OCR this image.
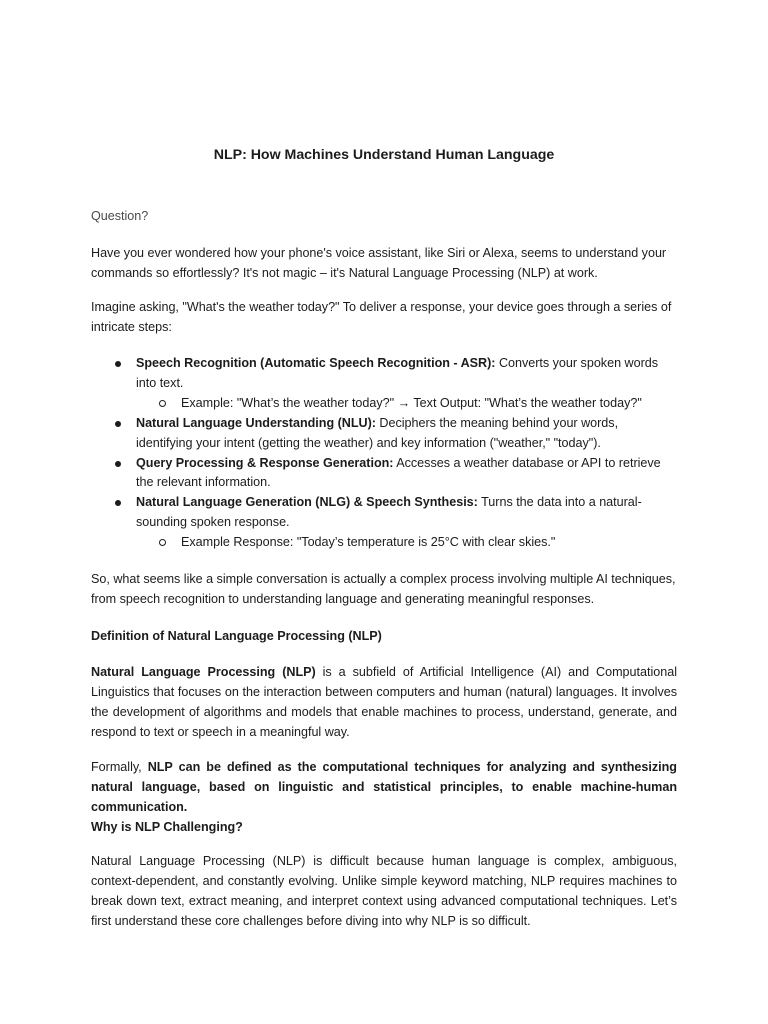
NLP: How Machines Understand Human Language

Question?

Have you ever wondered how your phone's voice assistant, like Siri or Alexa, seems to understand your commands so effortlessly? It's not magic – it's Natural Language Processing (NLP) at work.

Imagine asking, "What's the weather today?" To deliver a response, your device goes through a series of intricate steps:

Speech Recognition (Automatic Speech Recognition - ASR): Converts your spoken words into text.
Example: "What’s the weather today?" → Text Output: "What’s the weather today?"
Natural Language Understanding (NLU): Deciphers the meaning behind your words, identifying your intent (getting the weather) and key information ("weather," "today").
Query Processing & Response Generation: Accesses a weather database or API to retrieve the relevant information.
Natural Language Generation (NLG) & Speech Synthesis: Turns the data into a natural-sounding spoken response.
Example Response: "Today’s temperature is 25°C with clear skies."

So, what seems like a simple conversation is actually a complex process involving multiple AI techniques, from speech recognition to understanding language and generating meaningful responses.

Definition of Natural Language Processing (NLP)

Natural Language Processing (NLP) is a subfield of Artificial Intelligence (AI) and Computational Linguistics that focuses on the interaction between computers and human (natural) languages. It involves the development of algorithms and models that enable machines to process, understand, generate, and respond to text or speech in a meaningful way.

Formally, NLP can be defined as the computational techniques for analyzing and synthesizing natural language, based on linguistic and statistical principles, to enable machine-human communication.

Why is NLP Challenging?

Natural Language Processing (NLP) is difficult because human language is complex, ambiguous, context-dependent, and constantly evolving. Unlike simple keyword matching, NLP requires machines to break down text, extract meaning, and interpret context using advanced computational techniques. Let’s first understand these core challenges before diving into why NLP is so difficult.
